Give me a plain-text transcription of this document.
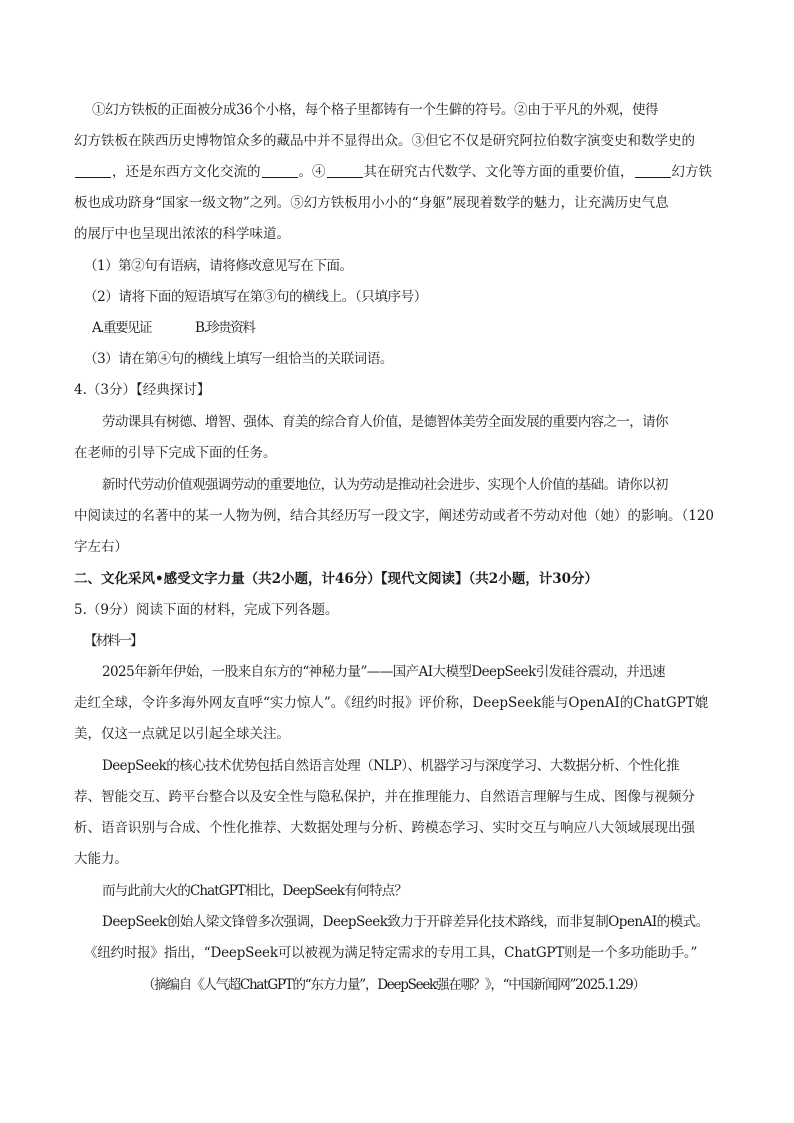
①幻方铁板的正面被分成36个小格，每个格子里都铸有一个生僻的符号。②由于平凡的外观，使得
幻方铁板在陕西历史博物馆众多的藏品中并不显得出众。③但它不仅是研究阿拉伯数字演变史和数学史的
，还是东西方文化交流的	。④	其在研究古代数学、文化等方面的重要价值，	幻方铁
板也成功跻身“国家一级文物”之列。⑤幻方铁板用小小的“身躯”展现着数学的魅力，让充满历史气息
的展厅中也呈现出浓浓的科学味道。
（1）第②句有语病，请将修改意见写在下面。
（2）请将下面的短语填写在第③句的横线上。（只填序号）
A.重要见证	B.珍贵资料
（3）请在第④句的横线上填写一组恰当的关联词语。
4.（3分）【经典探讨】
劳动课具有树德、增智、强体、育美的综合育人价值，是德智体美劳全面发展的重要内容之一，请你
在老师的引导下完成下面的任务。
新时代劳动价值观强调劳动的重要地位，认为劳动是推动社会进步、实现个人价值的基础。请你以初
中阅读过的名著中的某一人物为例，结合其经历写一段文字，阐述劳动或者不劳动对他（她）的影响。（120
字左右）
二、文化采风•感受文字力量（共2小题，计46分）【现代文阅读】（共2小题，计30分）
5.（9分）阅读下面的材料，完成下列各题。
【材料一】
2025年新年伊始，一股来自东方的“神秘力量”——国产AI大模型DeepSeek引发硅谷震动，并迅速
走红全球，令许多海外网友直呼“实力惊人”。《纽约时报》评价称，DeepSeek能与OpenAI的ChatGPT媲
美，仅这一点就足以引起全球关注。
DeepSeek的核心技术优势包括自然语言处理（NLP）、机器学习与深度学习、大数据分析、个性化推
荐、智能交互、跨平台整合以及安全性与隐私保护，并在推理能力、自然语言理解与生成、图像与视频分
析、语音识别与合成、个性化推荐、大数据处理与分析、跨模态学习、实时交互与响应八大领域展现出强
大能力。
而与此前大火的ChatGPT相比，DeepSeek有何特点？
DeepSeek创始人梁文锋曾多次强调，DeepSeek致力于开辟差异化技术路线，而非复制OpenAI的模式。
《纽约时报》指出，“DeepSeek可以被视为满足特定需求的专用工具，ChatGPT则是一个多功能助手。”
（摘编自《人气超ChatGPT的“东方力量”，DeepSeek强在哪？》，“中国新闻网”2025.1.29）
